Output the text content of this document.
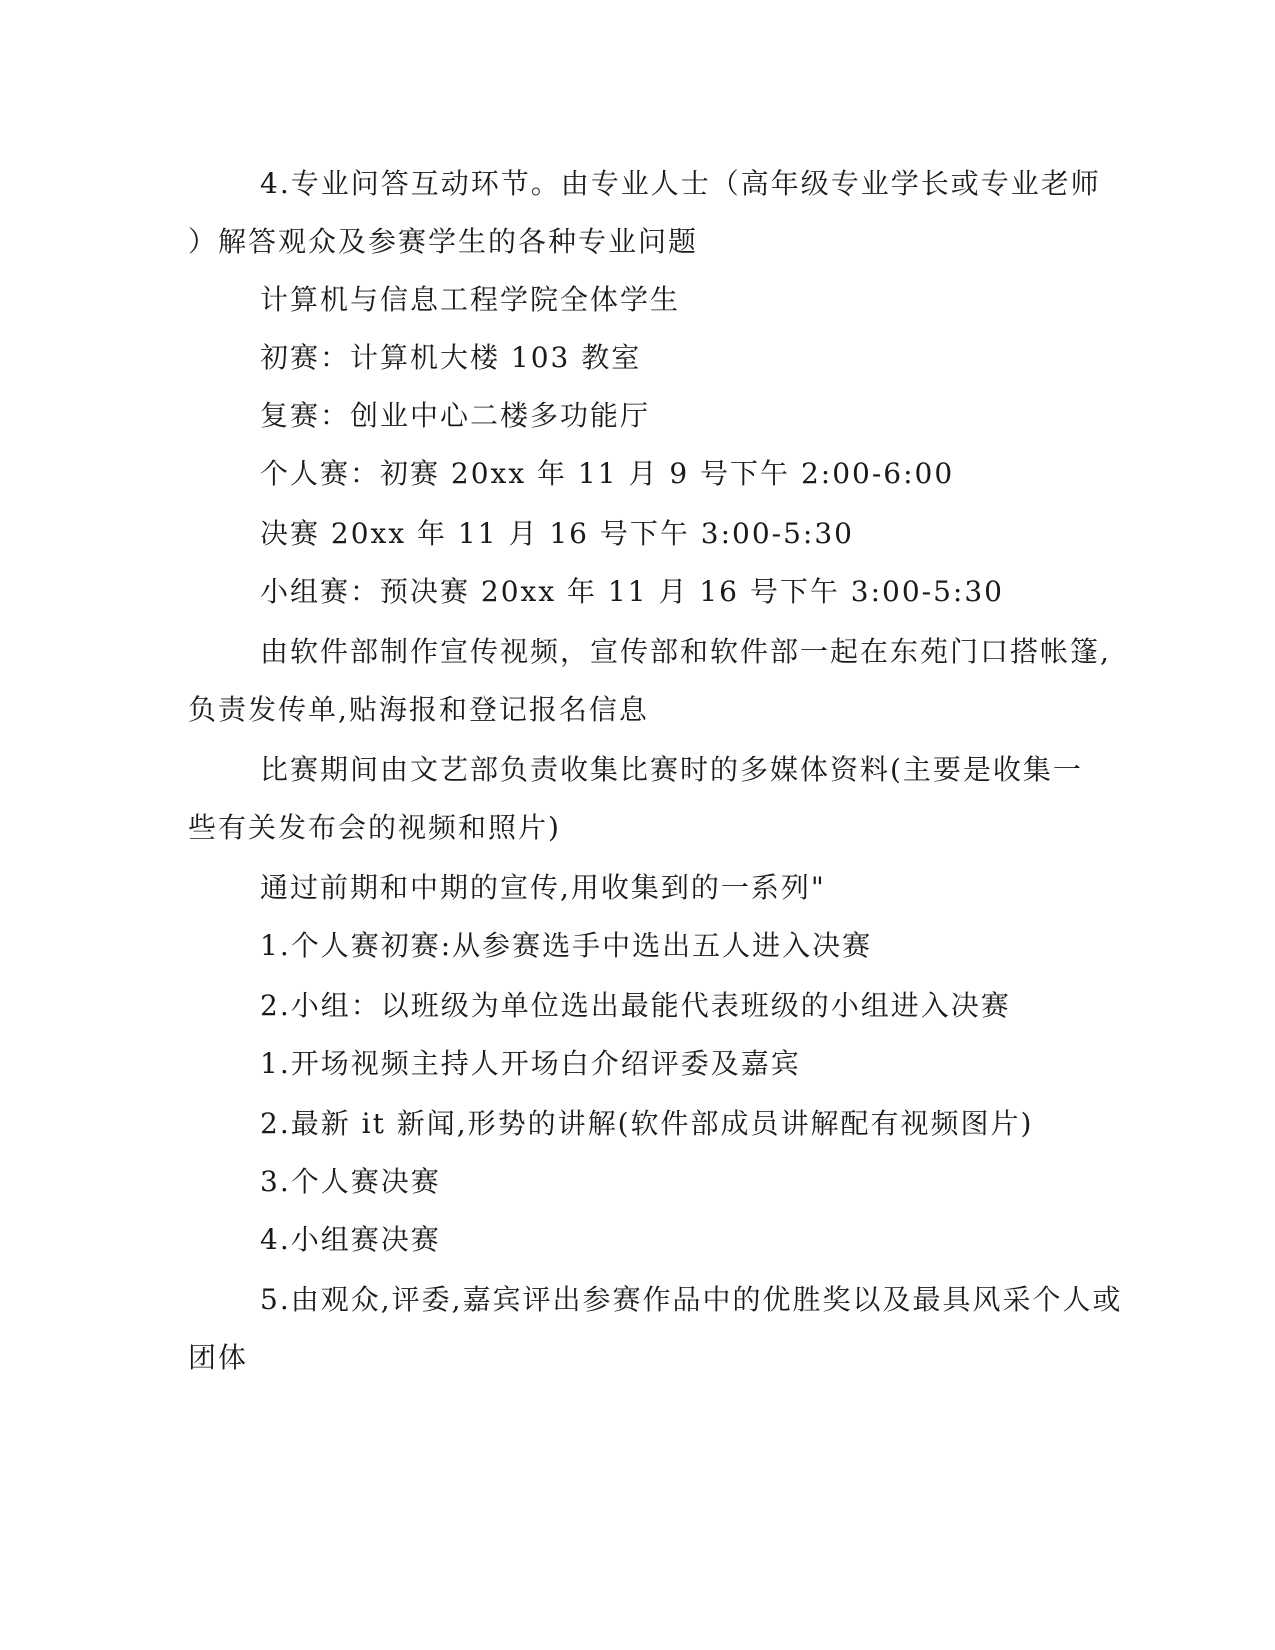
4.专业问答互动环节。由专业人士（高年级专业学长或专业老师
）解答观众及参赛学生的各种专业问题
计算机与信息工程学院全体学生
初赛：计算机大楼 103 教室
复赛：创业中心二楼多功能厅
个人赛：初赛 20xx 年 11 月 9 号下午 2:00-6:00
决赛 20xx 年 11 月 16 号下午 3:00-5:30
小组赛：预决赛 20xx 年 11 月 16 号下午 3:00-5:30
由软件部制作宣传视频，宣传部和软件部一起在东苑门口搭帐篷,
负责发传单,贴海报和登记报名信息
比赛期间由文艺部负责收集比赛时的多媒体资料(主要是收集一
些有关发布会的视频和照片)
通过前期和中期的宣传,用收集到的一系列"
1.个人赛初赛:从参赛选手中选出五人进入决赛
2.小组：以班级为单位选出最能代表班级的小组进入决赛
1.开场视频主持人开场白介绍评委及嘉宾
2.最新 it 新闻,形势的讲解(软件部成员讲解配有视频图片)
3.个人赛决赛
4.小组赛决赛
5.由观众,评委,嘉宾评出参赛作品中的优胜奖以及最具风采个人或
团体
